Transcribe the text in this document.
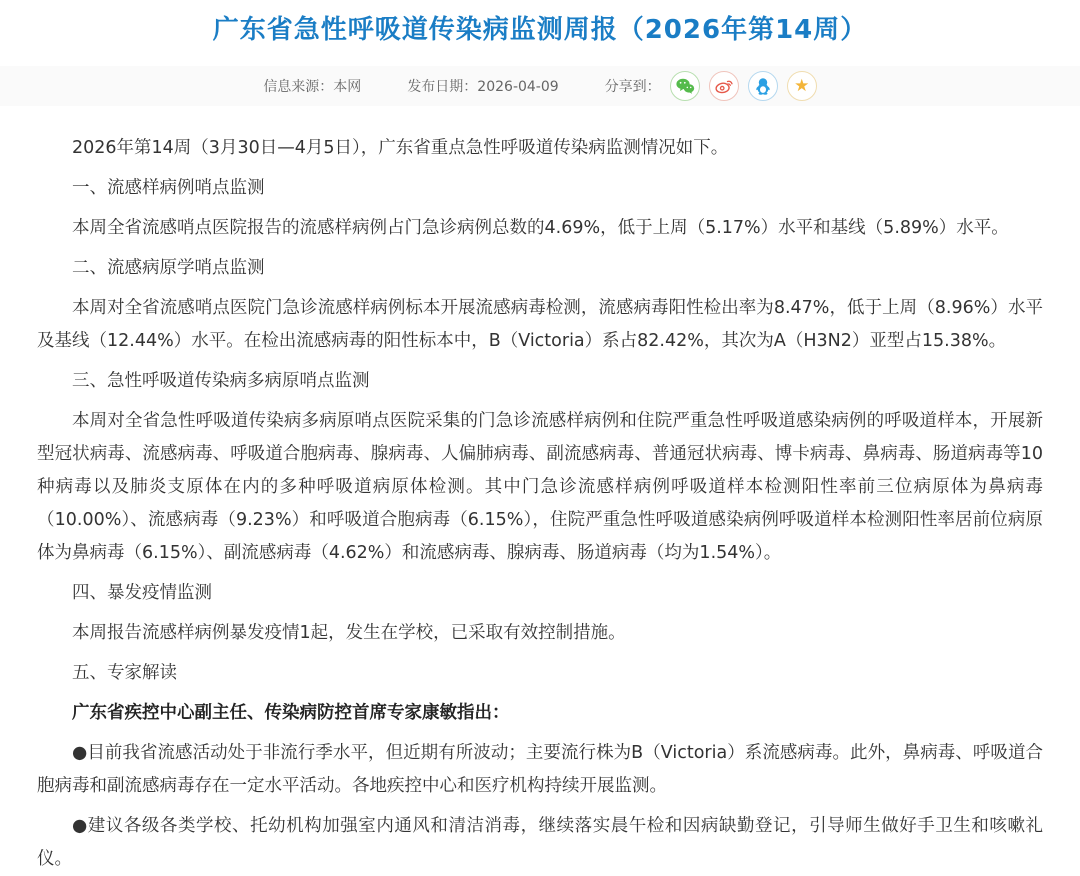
广东省急性呼吸道传染病监测周报（2026年第14周）
信息来源：本网	发布日期：2026-04-09	分享到：	★

2026年第14周（3月30日—4月5日），广东省重点急性呼吸道传染病监测情况如下。

一、流感样病例哨点监测

本周全省流感哨点医院报告的流感样病例占门急诊病例总数的4.69%，低于上周（5.17%）水平和基线（5.89%）水平。

二、流感病原学哨点监测

本周对全省流感哨点医院门急诊流感样病例标本开展流感病毒检测，流感病毒阳性检出率为8.47%，低于上周（8.96%）水平及基线（12.44%）水平。在检出流感病毒的阳性标本中，B（Victoria）系占82.42%，其次为A（H3N2）亚型占15.38%。

三、急性呼吸道传染病多病原哨点监测

本周对全省急性呼吸道传染病多病原哨点医院采集的门急诊流感样病例和住院严重急性呼吸道感染病例的呼吸道样本，开展新型冠状病毒、流感病毒、呼吸道合胞病毒、腺病毒、人偏肺病毒、副流感病毒、普通冠状病毒、博卡病毒、鼻病毒、肠道病毒等10种病毒以及肺炎支原体在内的多种呼吸道病原体检测。其中门急诊流感样病例呼吸道样本检测阳性率前三位病原体为鼻病毒（10.00%）、流感病毒（9.23%）和呼吸道合胞病毒（6.15%），住院严重急性呼吸道感染病例呼吸道样本检测阳性率居前位病原体为鼻病毒（6.15%）、副流感病毒（4.62%）和流感病毒、腺病毒、肠道病毒（均为1.54%）。

四、暴发疫情监测

本周报告流感样病例暴发疫情1起，发生在学校，已采取有效控制措施。

五、专家解读

广东省疾控中心副主任、传染病防控首席专家康敏指出：

●目前我省流感活动处于非流行季水平，但近期有所波动；主要流行株为B（Victoria）系流感病毒。此外，鼻病毒、呼吸道合胞病毒和副流感病毒存在一定水平活动。各地疾控中心和医疗机构持续开展监测。

●建议各级各类学校、托幼机构加强室内通风和清洁消毒，继续落实晨午检和因病缺勤登记，引导师生做好手卫生和咳嗽礼仪。
